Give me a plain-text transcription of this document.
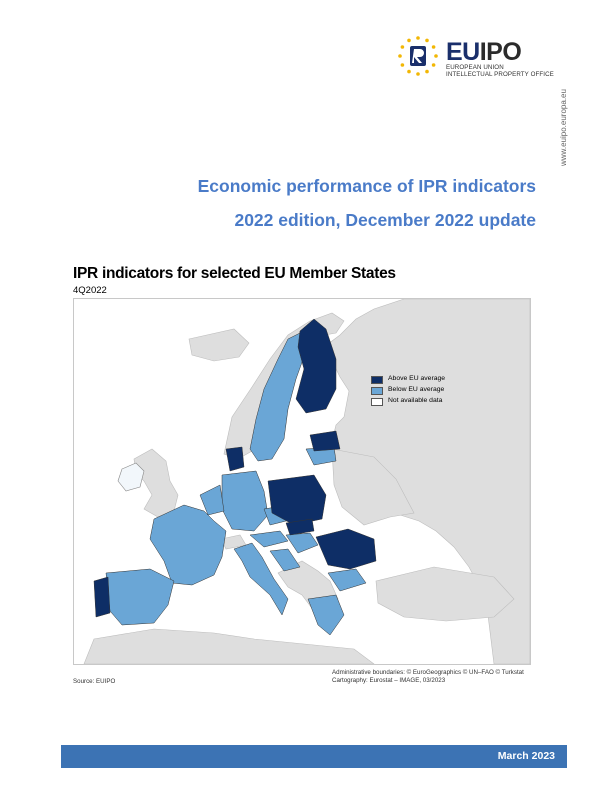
EUIPO
EUROPEAN UNION
INTELLECTUAL PROPERTY OFFICE
www.euipo.europa.eu
Economic performance of IPR indicators
2022 edition, December 2022 update
IPR indicators for selected EU Member States
4Q2022
Above EU average
Below EU average
Not available data
Administrative boundaries: © EuroGeographics © UN–FAO © Turkstat
Cartography: Eurostat – IMAGE, 03/2023
Source: EUIPO
March 2023
